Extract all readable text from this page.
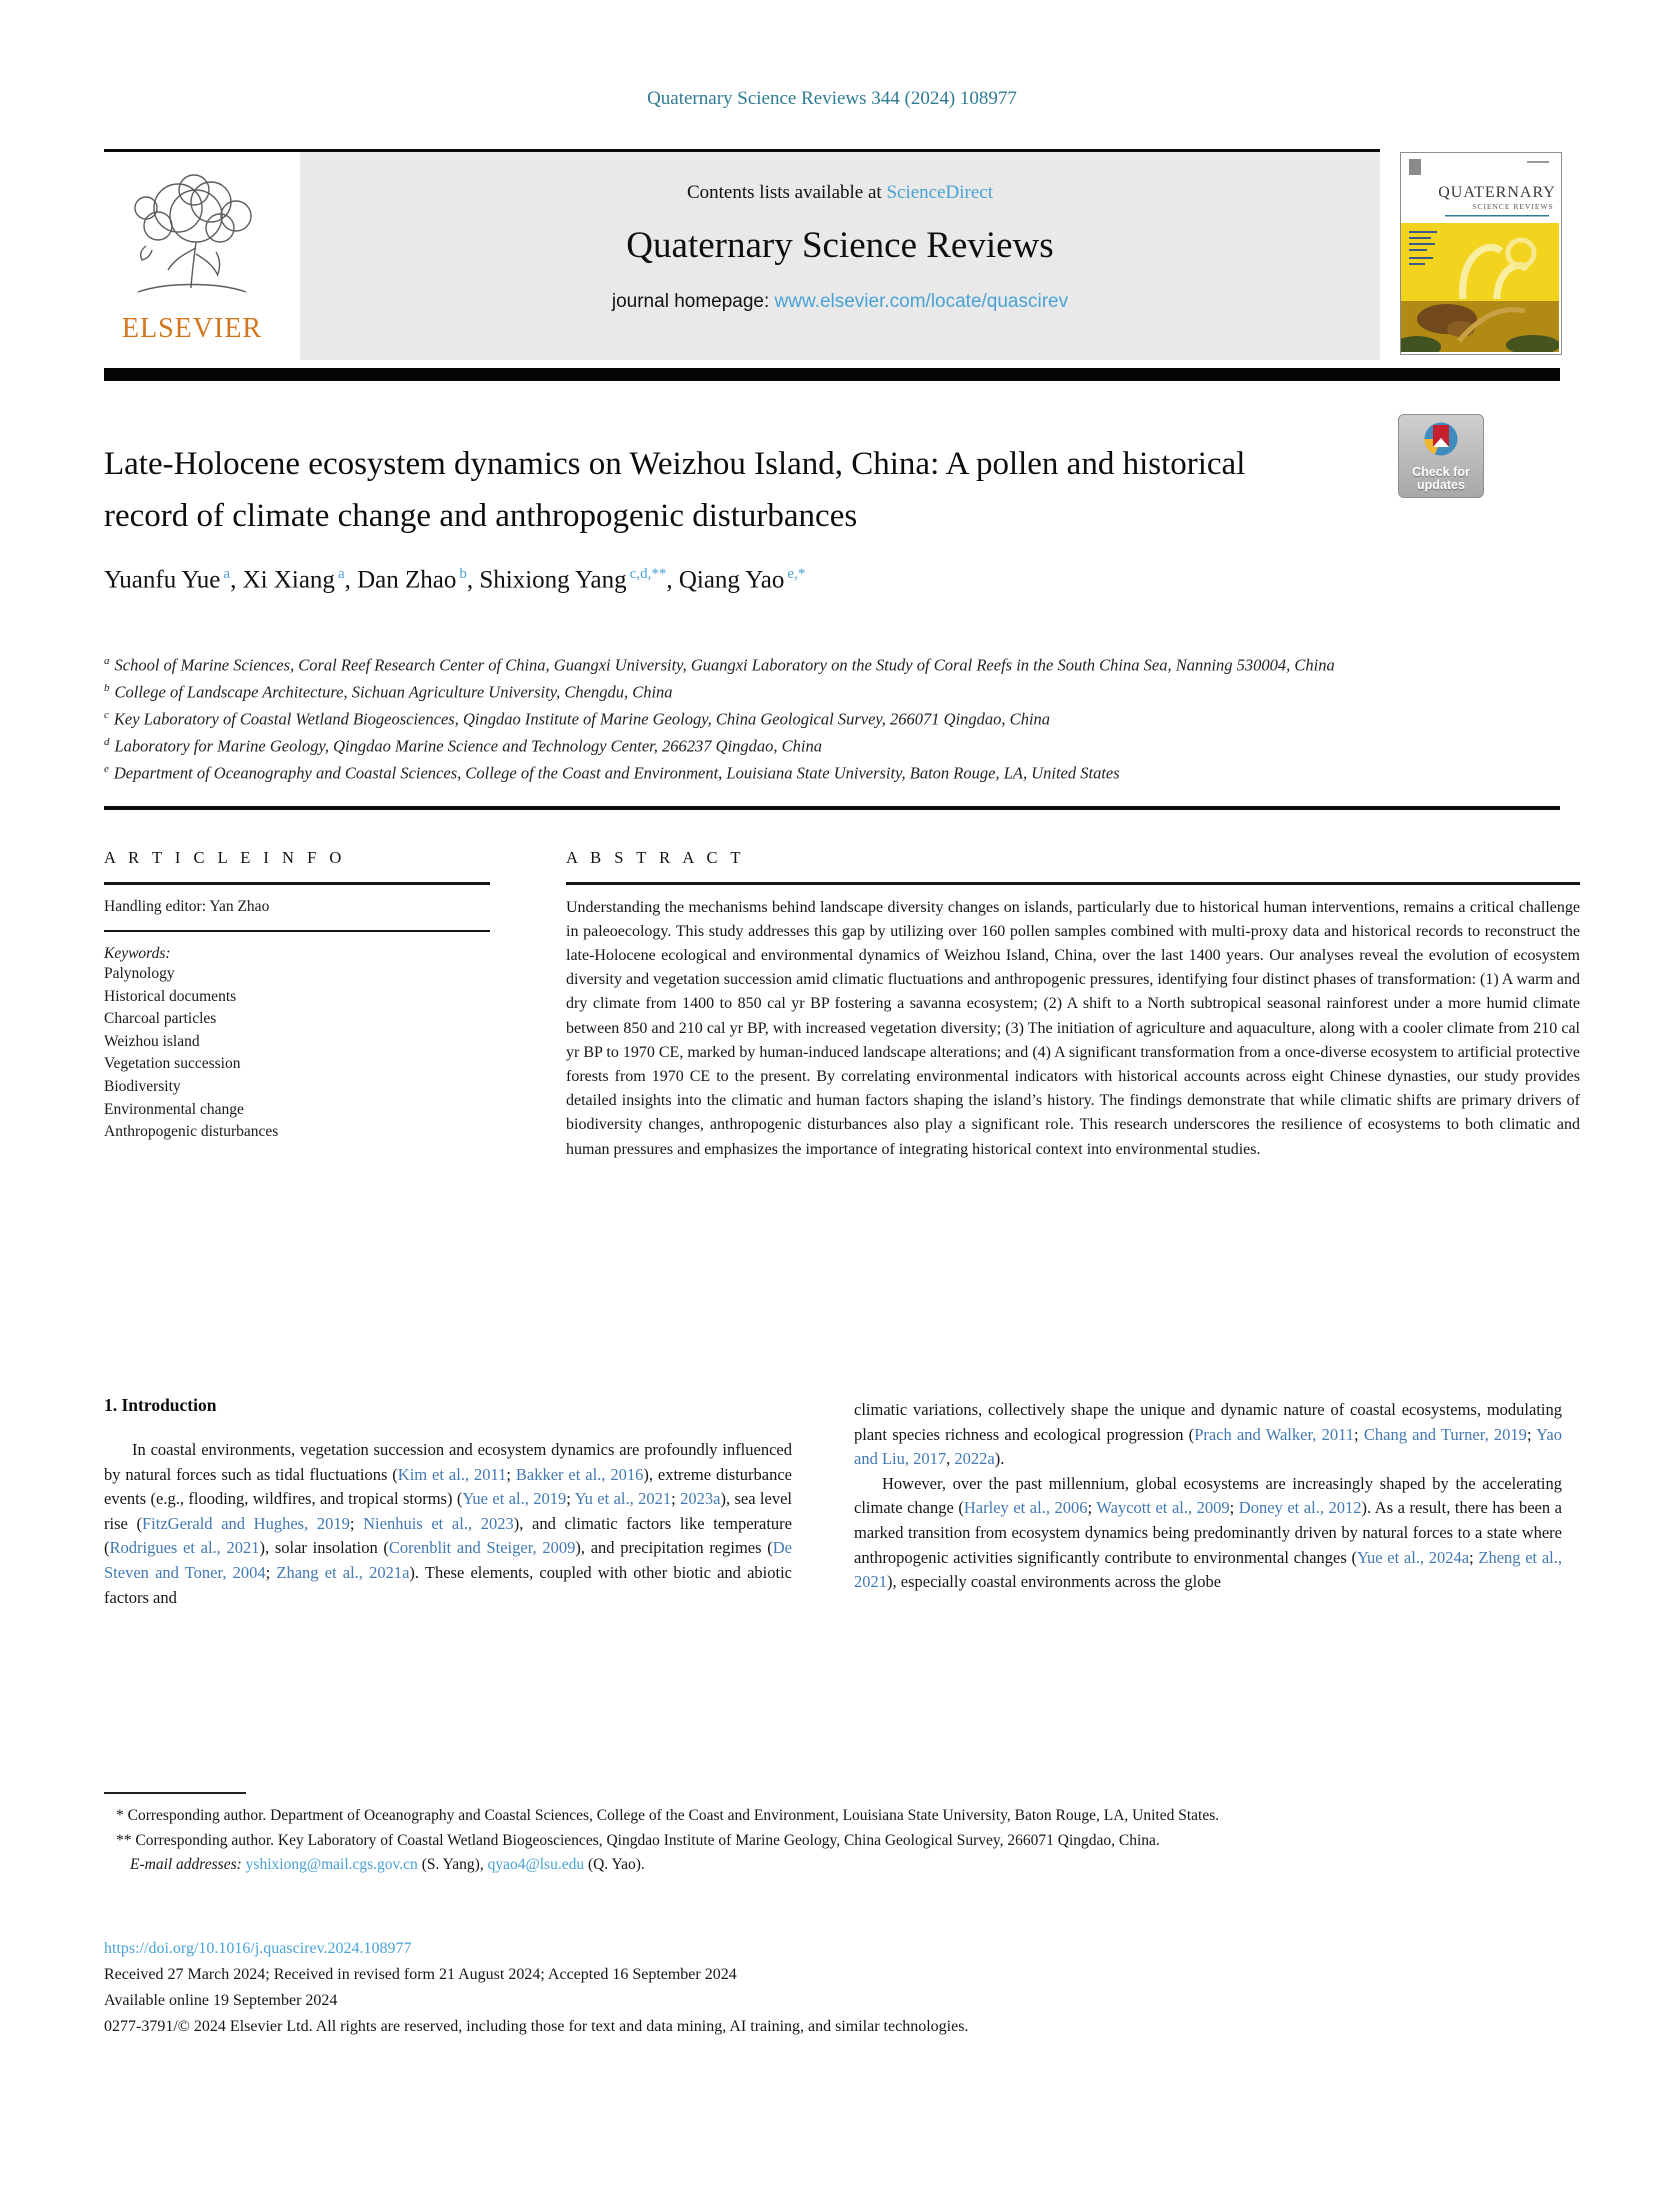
Quaternary Science Reviews 344 (2024) 108977
ELSEVIER
Contents lists available at ScienceDirect
Quaternary Science Reviews
journal homepage: www.elsevier.com/locate/quascirev
QUATERNARY
SCIENCE REVIEWS
Check for
updates
Late-Holocene ecosystem dynamics on Weizhou Island, China: A pollen and historical record of climate change and anthropogenic disturbances
Yuanfu Yue $^a$, Xi Xiang $^a$, Dan Zhao $^b$, Shixiong Yang $^{c,d,**}$, Qiang Yao $^{e,*}$
$^a$ School of Marine Sciences, Coral Reef Research Center of China, Guangxi University, Guangxi Laboratory on the Study of Coral Reefs in the South China Sea, Nanning 530004, China
$^b$ College of Landscape Architecture, Sichuan Agriculture University, Chengdu, China
$^c$ Key Laboratory of Coastal Wetland Biogeosciences, Qingdao Institute of Marine Geology, China Geological Survey, 266071 Qingdao, China
$^d$ Laboratory for Marine Geology, Qingdao Marine Science and Technology Center, 266237 Qingdao, China
$^e$ Department of Oceanography and Coastal Sciences, College of the Coast and Environment, Louisiana State University, Baton Rouge, LA, United States
A R T I C L E I N F O
Handling editor: Yan Zhao
Keywords:
Palynology
Historical documents
Charcoal particles
Weizhou island
Vegetation succession
Biodiversity
Environmental change
Anthropogenic disturbances
A B S T R A C T
Understanding the mechanisms behind landscape diversity changes on islands, particularly due to historical human interventions, remains a critical challenge in paleoecology. This study addresses this gap by utilizing over 160 pollen samples combined with multi-proxy data and historical records to reconstruct the late-Holocene ecological and environmental dynamics of Weizhou Island, China, over the last 1400 years. Our analyses reveal the evolution of ecosystem diversity and vegetation succession amid climatic fluctuations and anthropogenic pressures, identifying four distinct phases of transformation: (1) A warm and dry climate from 1400 to 850 cal yr BP fostering a savanna ecosystem; (2) A shift to a North subtropical seasonal rainforest under a more humid climate between 850 and 210 cal yr BP, with increased vegetation diversity; (3) The initiation of agriculture and aquaculture, along with a cooler climate from 210 cal yr BP to 1970 CE, marked by human-induced landscape alterations; and (4) A significant transformation from a once-diverse ecosystem to artificial protective forests from 1970 CE to the present. By correlating environmental indicators with historical accounts across eight Chinese dynasties, our study provides detailed insights into the climatic and human factors shaping the island’s history. The findings demonstrate that while climatic shifts are primary drivers of biodiversity changes, anthropogenic disturbances also play a significant role. This research underscores the resilience of ecosystems to both climatic and human pressures and emphasizes the importance of integrating historical context into environmental studies.
1. Introduction

In coastal environments, vegetation succession and ecosystem dynamics are profoundly influenced by natural forces such as tidal fluctuations (Kim et al., 2011; Bakker et al., 2016), extreme disturbance events (e.g., flooding, wildfires, and tropical storms) (Yue et al., 2019; Yu et al., 2021; 2023a), sea level rise (FitzGerald and Hughes, 2019; Nienhuis et al., 2023), and climatic factors like temperature (Rodrigues et al., 2021), solar insolation (Corenblit and Steiger, 2009), and precipitation regimes (De Steven and Toner, 2004; Zhang et al., 2021a). These elements, coupled with other biotic and abiotic factors and

climatic variations, collectively shape the unique and dynamic nature of coastal ecosystems, modulating plant species richness and ecological progression (Prach and Walker, 2011; Chang and Turner, 2019; Yao and Liu, 2017, 2022a).

However, over the past millennium, global ecosystems are increasingly shaped by the accelerating climate change (Harley et al., 2006; Waycott et al., 2009; Doney et al., 2012). As a result, there has been a marked transition from ecosystem dynamics being predominantly driven by natural forces to a state where anthropogenic activities significantly contribute to environmental changes (Yue et al., 2024a; Zheng et al., 2021), especially coastal environments across the globe

* Corresponding author. Department of Oceanography and Coastal Sciences, College of the Coast and Environment, Louisiana State University, Baton Rouge, LA, United States.
** Corresponding author. Key Laboratory of Coastal Wetland Biogeosciences, Qingdao Institute of Marine Geology, China Geological Survey, 266071 Qingdao, China.
E-mail addresses: yshixiong@mail.cgs.gov.cn (S. Yang), qyao4@lsu.edu (Q. Yao).
https://doi.org/10.1016/j.quascirev.2024.108977
Received 27 March 2024; Received in revised form 21 August 2024; Accepted 16 September 2024
Available online 19 September 2024
0277-3791/© 2024 Elsevier Ltd. All rights are reserved, including those for text and data mining, AI training, and similar technologies.
